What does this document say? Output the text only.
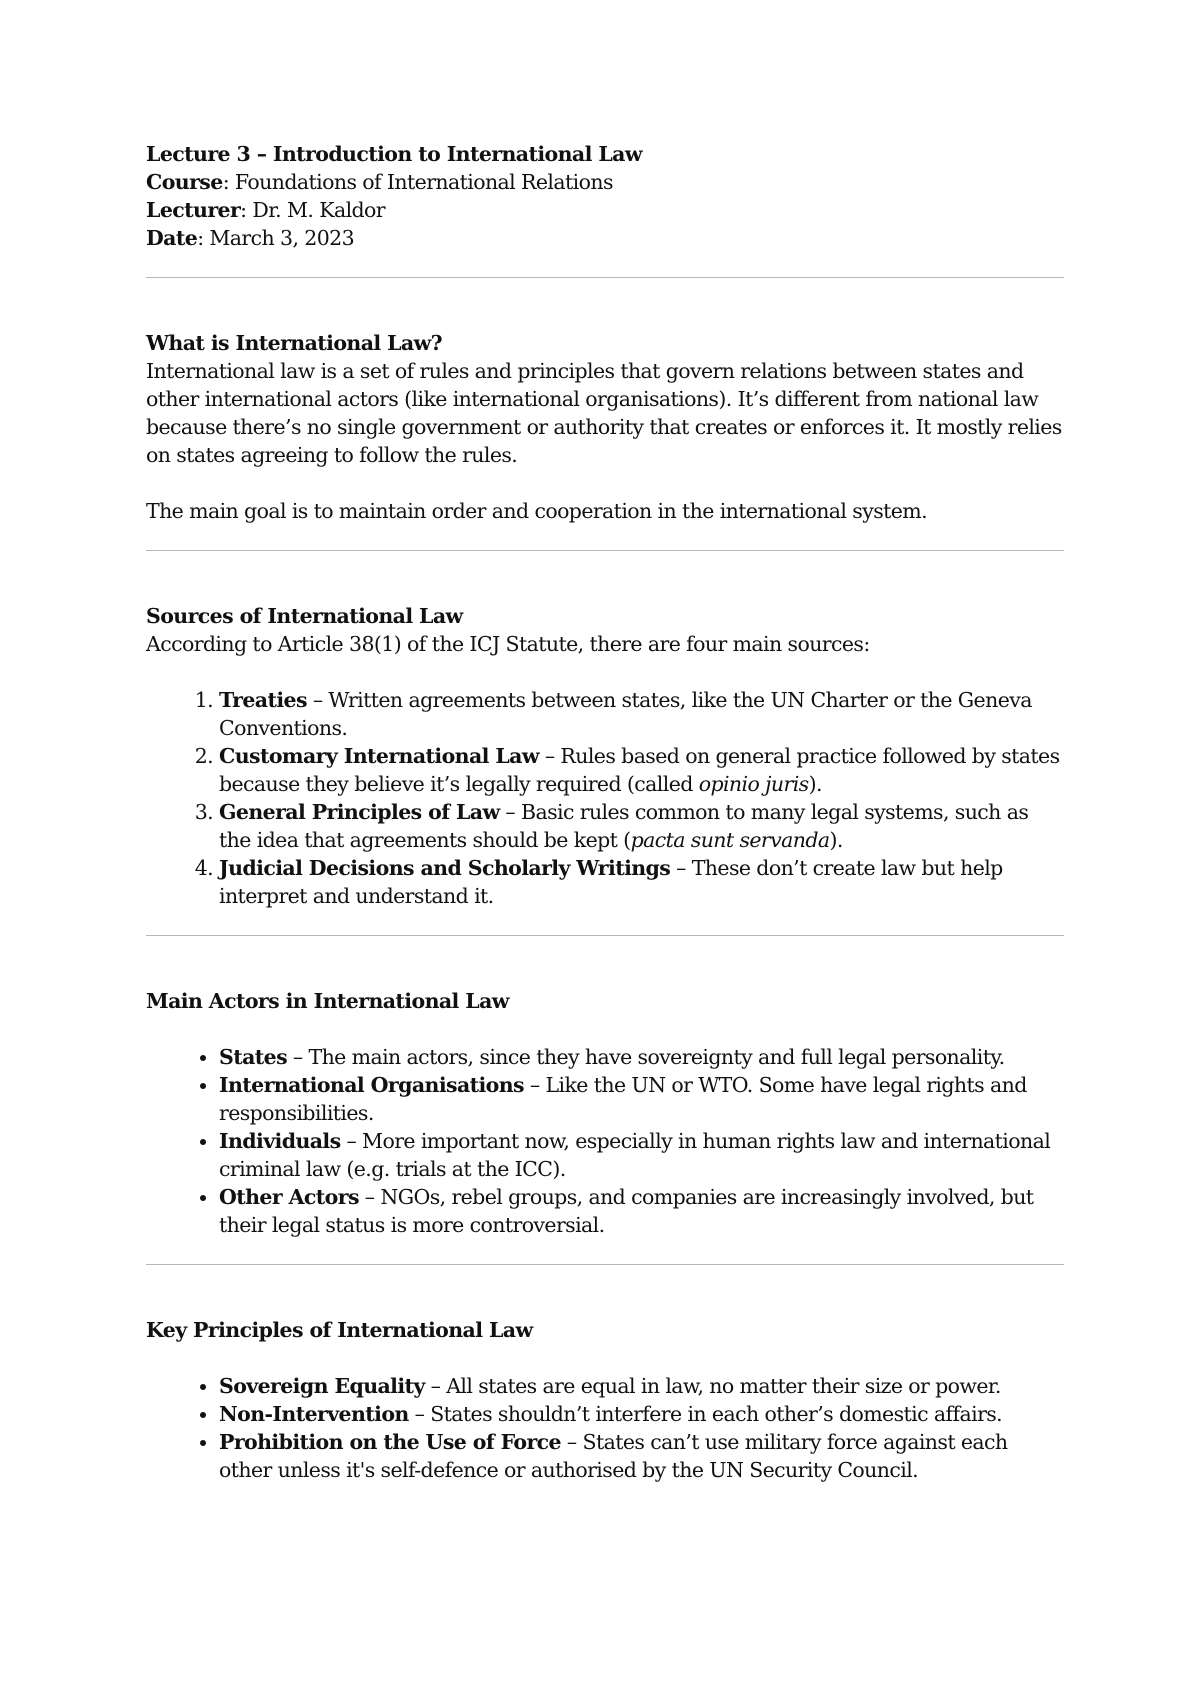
Lecture 3 – Introduction to International Law
Course: Foundations of International Relations
Lecturer: Dr. M. Kaldor
Date: March 3, 2023
What is International Law?

International law is a set of rules and principles that govern relations between states and other international actors (like international organisations). It’s different from national law because there’s no single government or authority that creates or enforces it. It mostly relies on states agreeing to follow the rules.

The main goal is to maintain order and cooperation in the international system.

Sources of International Law

According to Article 38(1) of the ICJ Statute, there are four main sources:

1. Treaties – Written agreements between states, like the UN Charter or the Geneva Conventions.
2. Customary International Law – Rules based on general practice followed by states because they believe it’s legally required (called opinio juris).
3. General Principles of Law – Basic rules common to many legal systems, such as the idea that agreements should be kept (pacta sunt servanda).
4. Judicial Decisions and Scholarly Writings – These don’t create law but help interpret and understand it.
Main Actors in International Law
• States – The main actors, since they have sovereignty and full legal personality.
• International Organisations – Like the UN or WTO. Some have legal rights and responsibilities.
• Individuals – More important now, especially in human rights law and international criminal law (e.g. trials at the ICC).
• Other Actors – NGOs, rebel groups, and companies are increasingly involved, but their legal status is more controversial.
Key Principles of International Law
• Sovereign Equality – All states are equal in law, no matter their size or power.
• Non-Intervention – States shouldn’t interfere in each other’s domestic affairs.
• Prohibition on the Use of Force – States can’t use military force against each other unless it's self-defence or authorised by the UN Security Council.
